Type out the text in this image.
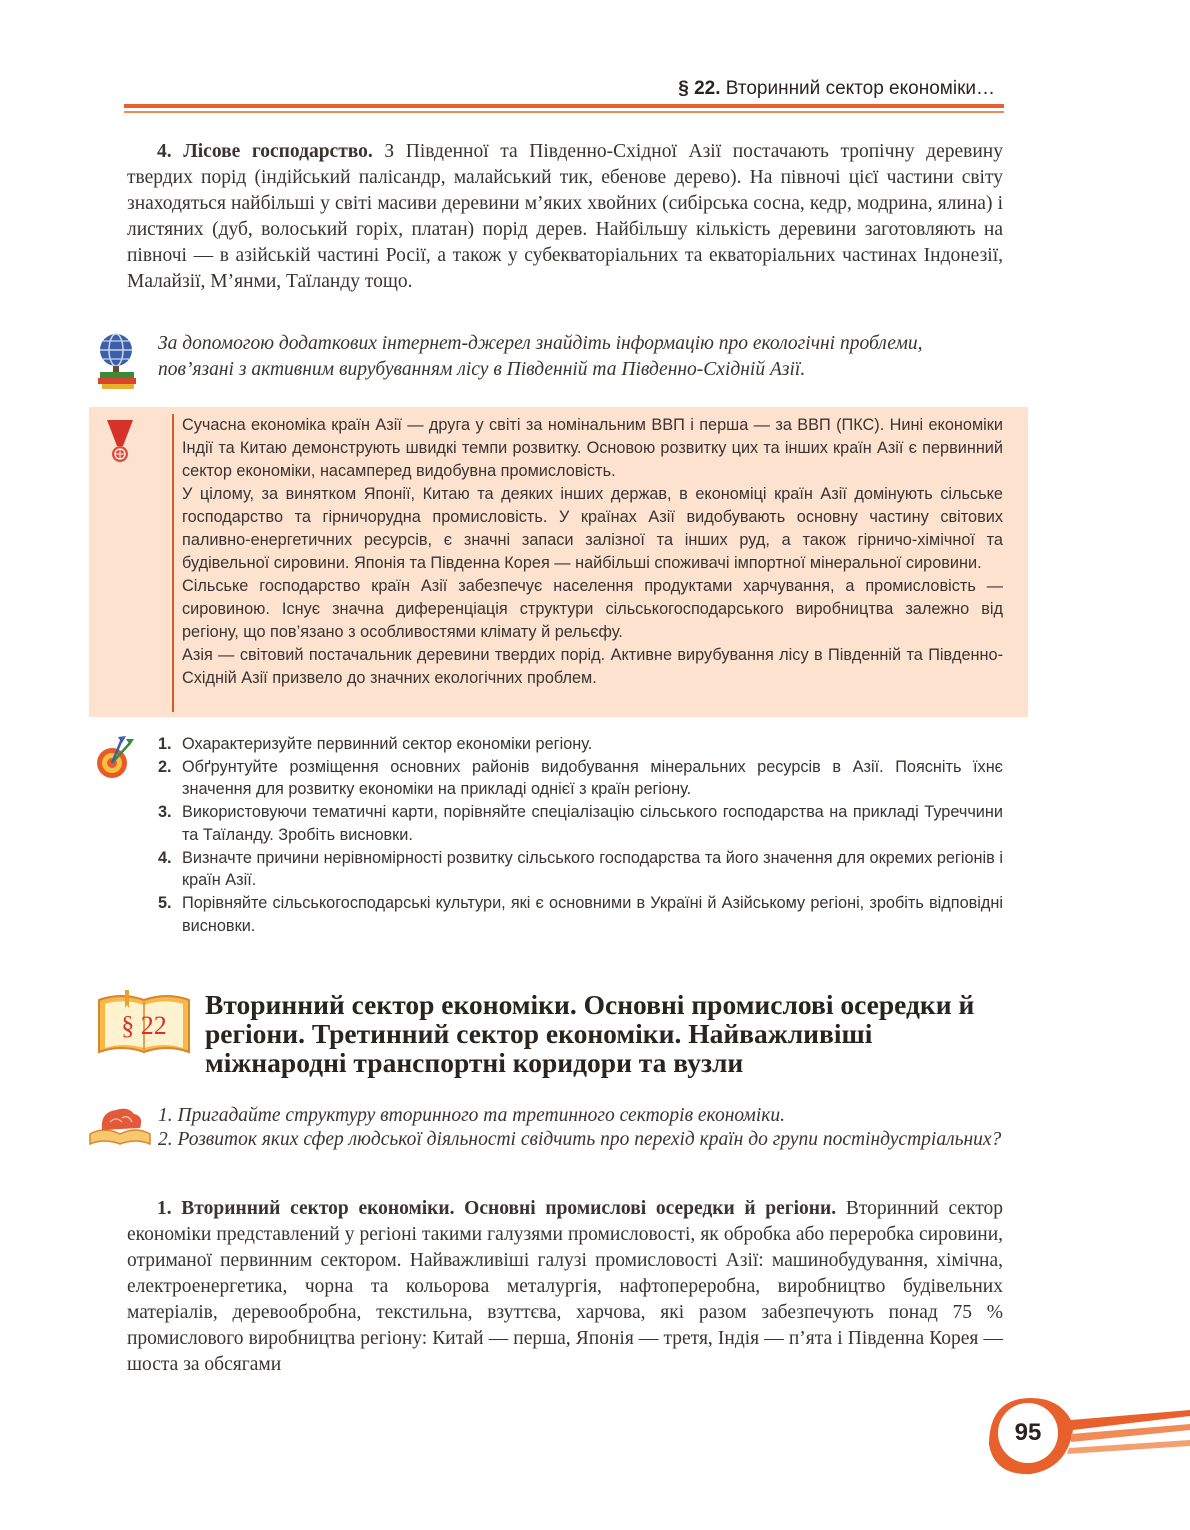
§ 22. Вторинний сектор економіки…

4. Лісове господарство. З Південної та Південно-Східної Азії постачають тропічну деревину твердих порід (індійський палісандр, малайський тик, ебенове дерево). На півночі цієї частини світу знаходяться найбільші у світі масиви деревини м’яких хвойних (сибірська сосна, кедр, модрина, ялина) і листяних (дуб, волоський горіх, платан) порід дерев. Найбільшу кількість деревини заготовляють на півночі — в азійській частині Росії, а також у субекваторіальних та екваторіальних частинах Індонезії, Малайзії, М’янми, Таїланду тощо.

За допомогою додаткових інтернет-джерел знайдіть інформацію про екологічні проблеми, пов’язані з активним вирубуванням лісу в Південній та Південно-Східній Азії.

Сучасна економіка країн Азії — друга у світі за номінальним ВВП і перша — за ВВП (ПКС). Нині економіки Індії та Китаю демонструють швидкі темпи розвитку. Основою розвитку цих та інших країн Азії є первинний сектор економіки, насамперед видобувна промисловість.

У цілому, за винятком Японії, Китаю та деяких інших держав, в економіці країн Азії домінують сільське господарство та гірничорудна промисловість. У країнах Азії видобувають основну частину світових паливно-енергетичних ресурсів, є значні запаси залізної та інших руд, а також гірничо-хімічної та будівельної сировини. Японія та Південна Корея — найбільші споживачі імпортної мінеральної сировини.

Сільське господарство країн Азії забезпечує населення продуктами харчування, а промисловість — сировиною. Існує значна диференціація структури сільськогосподарського виробництва залежно від регіону, що пов’язано з особливостями клімату й рельєфу.

Азія — світовий постачальник деревини твердих порід. Активне вирубування лісу в Південній та Південно-Східній Азії призвело до значних екологічних проблем.

1. Охарактеризуйте первинний сектор економіки регіону.
2. Обґрунтуйте розміщення основних районів видобування мінеральних ресурсів в Азії. Поясніть їхнє значення для розвитку економіки на прикладі однієї з країн регіону.
3. Використовуючи тематичні карти, порівняйте спеціалізацію сільського господарства на прикладі Туреччини та Таїланду. Зробіть висновки.
4. Визначте причини нерівномірності розвитку сільського господарства та його значення для окремих регіонів і країн Азії.
5. Порівняйте сільськогосподарські культури, які є основними в Україні й Азійському регіоні, зробіть відповідні висновки.
§ 22
Вторинний сектор економіки. Основні промислові осередки й регіони. Третинний сектор економіки. Найважливіші міжнародні транспортні коридори та вузли

1. Пригадайте структуру вторинного та третинного секторів економіки.

2. Розвиток яких сфер людської діяльності свідчить про перехід країн до групи постіндустріальних?

1. Вторинний сектор економіки. Основні промислові осередки й регіони. Вторинний сектор економіки представлений у регіоні такими галузями промисловості, як обробка або переробка сировини, отриманої первинним сектором. Найважливіші галузі промисловості Азії: машинобудування, хімічна, електроенергетика, чорна та кольорова металургія, нафтопереробна, виробництво будівельних матеріалів, деревообробна, текстильна, взуттєва, харчова, які разом забезпечують понад 75 % промислового виробництва регіону: Китай — перша, Японія — третя, Індія — п’ята і Південна Корея — шоста за обсягами

95
